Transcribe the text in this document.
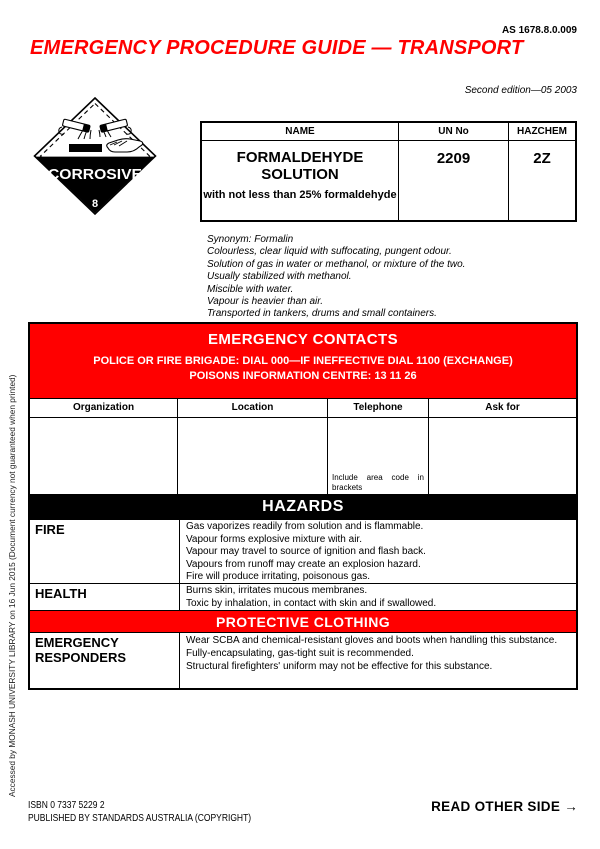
AS 1678.8.0.009
EMERGENCY PROCEDURE GUIDE — TRANSPORT
Second edition—05 2003
CORROSIVE
8
NAME	UN No	HAZCHEM
FORMALDEHYDE SOLUTION
with not less than 25% formaldehyde
2209	2Z
Synonym: Formalin
Colourless, clear liquid with suffocating, pungent odour.
Solution of gas in water or methanol, or mixture of the two.
Usually stabilized with methanol.
Miscible with water.
Vapour is heavier than air.
Transported in tankers, drums and small containers.
EMERGENCY CONTACTS
POLICE OR FIRE BRIGADE: DIAL 000—IF INEFFECTIVE DIAL 1100 (EXCHANGE)
POISONS INFORMATION CENTRE: 13 11 26
Organization	Location	Telephone	Ask for
Include area code in brackets
HAZARDS
FIRE	Gas vaporizes readily from solution and is flammable.
Vapour forms explosive mixture with air.
Vapour may travel to source of ignition and flash back.
Vapours from runoff may create an explosion hazard.
Fire will produce irritating, poisonous gas.
HEALTH	Burns skin, irritates mucous membranes.
Toxic by inhalation, in contact with skin and if swallowed.
PROTECTIVE CLOTHING
EMERGENCY RESPONDERS
Wear SCBA and chemical-resistant gloves and boots when handling this substance.
Fully-encapsulating, gas-tight suit is recommended.
Structural firefighters' uniform may not be effective for this substance.
ISBN 0 7337 5229 2
PUBLISHED BY STANDARDS AUSTRALIA (COPYRIGHT)
READ OTHER SIDE →
Accessed by MONASH UNIVERSITY LIBRARY on 16 Jun 2015 (Document currency not guaranteed when printed)
